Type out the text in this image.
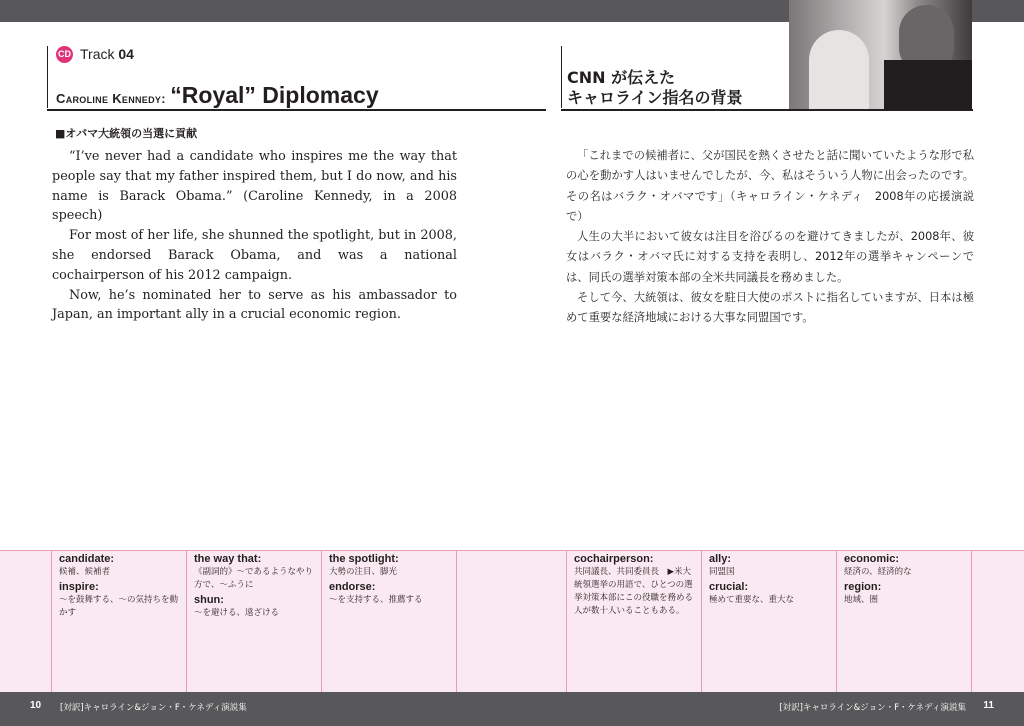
CD Track 04
Caroline Kennedy: “Royal” Diplomacy
CNN が伝えた
キャロライン指名の背景
■オバマ大統領の当選に貢献

“I’ve never had a candidate who inspires me the way that people say that my father inspired them, but I do now, and his name is Barack Obama.” (Caroline Kennedy, in a 2008 speech)

For most of her life, she shunned the spotlight, but in 2008, she endorsed Barack Obama, and was a national cochairperson of his 2012 campaign.

Now, he’s nominated her to serve as his ambassador to Japan, an important ally in a crucial economic region.

「これまでの候補者に、父が国民を熱くさせたと話に聞いていたような形で私の心を動かす人はいませんでしたが、今、私はそういう人物に出会ったのです。その名はバラク・オバマです」（キャロライン・ケネディ　2008年の応援演説で）

人生の大半において彼女は注目を浴びるのを避けてきましたが、2008年、彼女はバラク・オバマ氏に対する支持を表明し、2012年の選挙キャンペーンでは、同氏の選挙対策本部の全米共同議長を務めました。

そして今、大統領は、彼女を駐日大使のポストに指名していますが、日本は極めて重要な経済地域における大事な同盟国です。

candidate:
候補、候補者
inspire:
～を鼓舞する、～の気持ちを動かす
the way that:
《副詞的》～であるようなやり方で、～ふうに
shun:
～を避ける、遠ざける
the spotlight:
大勢の注目、脚光
endorse:
～を支持する、推薦する
cochairperson:
共同議長、共同委員長　▶米大統領選挙の用語で、ひとつの選挙対策本部にこの役職を務める人が数十人いることもある。
ally:
同盟国
crucial:
極めて重要な、重大な
economic:
経済の、経済的な
region:
地域、圏
10 [対訳]キャロライン&ジョン・F・ケネディ演説集	[対訳]キャロライン&ジョン・F・ケネディ演説集 11
